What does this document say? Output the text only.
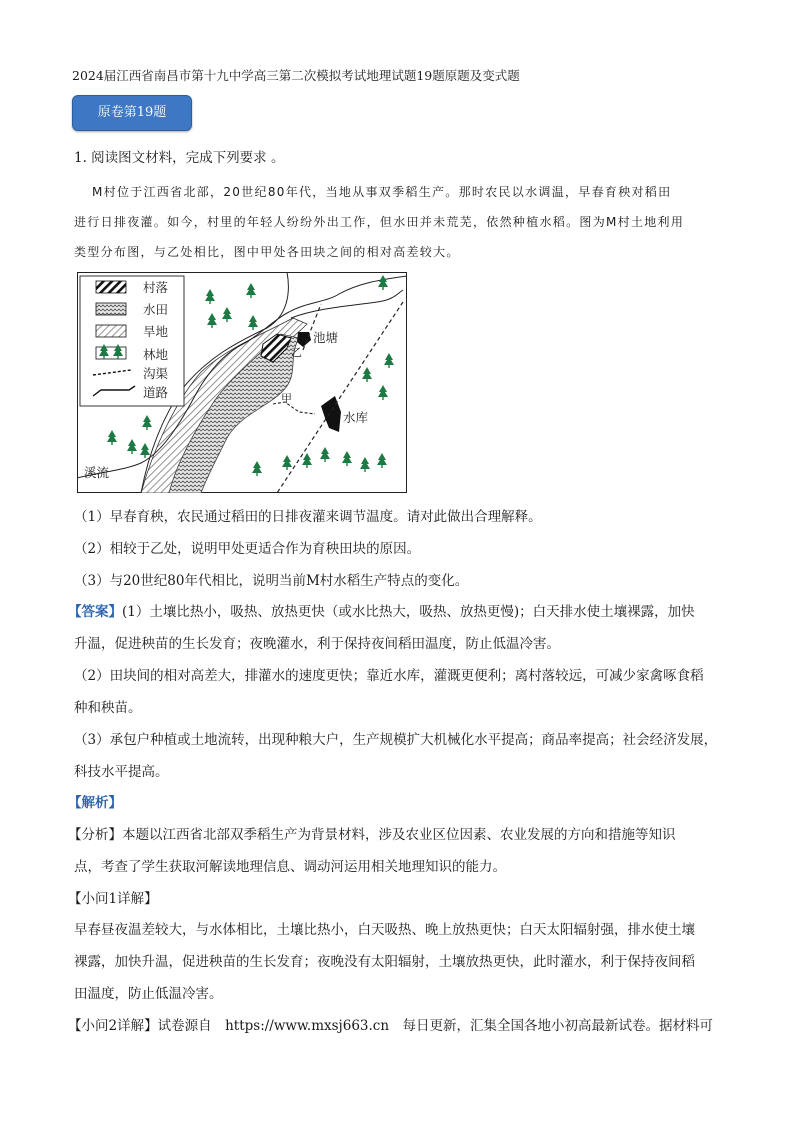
2024届江西省南昌市第十九中学高三第二次模拟考试地理试题19题原题及变式题
原卷第19题
1. 阅读图文材料，完成下列要求 。
M村位于江西省北部，20世纪80年代，当地从事双季稻生产。那时农民以水调温，早春育秧对稻田
进行日排夜灌。如今，村里的年轻人纷纷外出工作，但水田并未荒芜，依然种植水稻。图为M村土地利用
类型分布图，与乙处相比，图中甲处各田块之间的相对高差较大。
村落
水田
旱地
林地
沟渠
道路
池塘
乙
甲
水库
溪流
（1）早春育秧，农民通过稻田的日排夜灌来调节温度。请对此做出合理解释。
（2）相较于乙处，说明甲处更适合作为育秧田块的原因。
（3）与20世纪80年代相比，说明当前M村水稻生产特点的变化。
【答案】(1）土壤比热小，吸热、放热更快（或水比热大，吸热、放热更慢)；白天排水使土壤裸露，加快
升温，促进秧苗的生长发育；夜晚灌水，利于保持夜间稻田温度，防止低温冷害。
（2）田块间的相对高差大，排灌水的速度更快；靠近水库，灌溉更便利；离村落较远，可减少家禽啄食稻
种和秧苗。
（3）承包户种植或土地流转，出现种粮大户，生产规模扩大机械化水平提高；商品率提高；社会经济发展，
科技水平提高。
【解析】
【分析】本题以江西省北部双季稻生产为背景材料，涉及农业区位因素、农业发展的方向和措施等知识
点，考查了学生获取河解读地理信息、调动河运用相关地理知识的能力。
【小问1详解】
早春昼夜温差较大，与水体相比，土壤比热小，白天吸热、晚上放热更快；白天太阳辐射强，排水使土壤
裸露，加快升温，促进秧苗的生长发育；夜晚没有太阳辐射，土壤放热更快，此时灌水，利于保持夜间稻
田温度，防止低温冷害。
【小问2详解】试卷源自　https://www.mxsj663.cn　每日更新，汇集全国各地小初高最新试卷。据材料可
